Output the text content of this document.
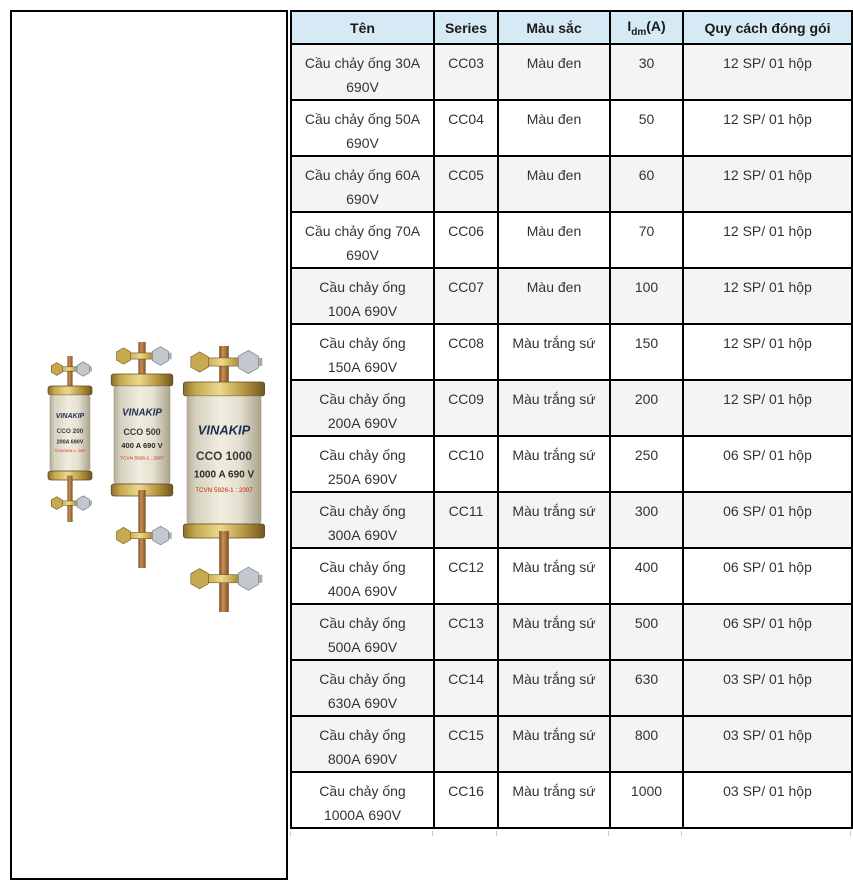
VINAKIP
CCO 200
200A 690V
TCVN 5926-1 : 2007
VINAKIP
CCO 500
400 A 690 V
TCVN 5926-1 : 2007
VINAKIP
CCO 1000
1000 A 690 V
TCVN 5926-1 : 2007
Tên	Series	Màu sắc	$I_{dm}(A)$	Quy cách đóng gói
Cầu chảy ống 30A 690V	CC03	Màu đen	30	12 SP/ 01 hộp
Cầu chảy ống 50A 690V	CC04	Màu đen	50	12 SP/ 01 hộp
Cầu chảy ống 60A 690V	CC05	Màu đen	60	12 SP/ 01 hộp
Cầu chảy ống 70A 690V	CC06	Màu đen	70	12 SP/ 01 hộp
Cầu chảy ống 100A 690V	CC07	Màu đen	100	12 SP/ 01 hộp
Cầu chảy ống 150A 690V	CC08	Màu trắng sứ	150	12 SP/ 01 hộp
Cầu chảy ống 200A 690V	CC09	Màu trắng sứ	200	12 SP/ 01 hộp
Cầu chảy ống 250A 690V	CC10	Màu trắng sứ	250	06 SP/ 01 hộp
Cầu chảy ống 300A 690V	CC11	Màu trắng sứ	300	06 SP/ 01 hộp
Cầu chảy ống 400A 690V	CC12	Màu trắng sứ	400	06 SP/ 01 hộp
Cầu chảy ống 500A 690V	CC13	Màu trắng sứ	500	06 SP/ 01 hộp
Cầu chảy ống 630A 690V	CC14	Màu trắng sứ	630	03 SP/ 01 hộp
Cầu chảy ống 800A 690V	CC15	Màu trắng sứ	800	03 SP/ 01 hộp
Cầu chảy ống 1000A 690V	CC16	Màu trắng sứ	1000	03 SP/ 01 hộp
